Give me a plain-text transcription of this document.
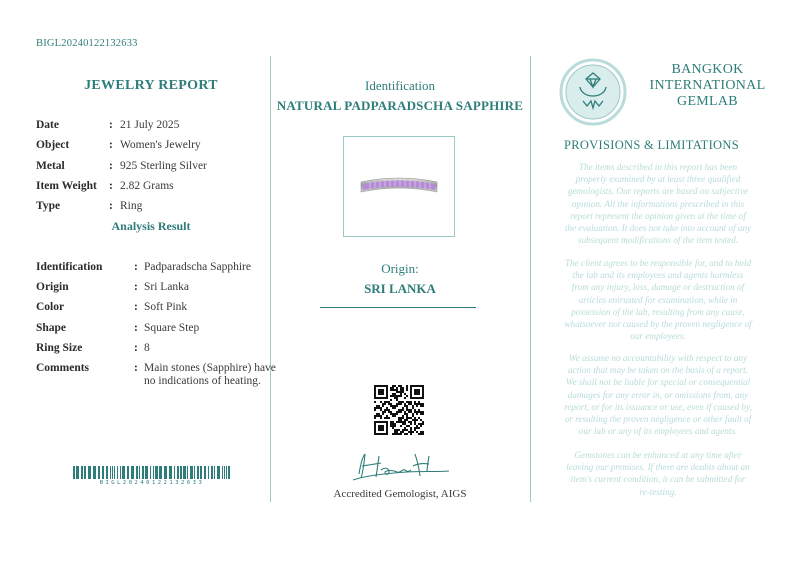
BIGL20240122132633
JEWELRY REPORT
Date	: 21 July 2025
Object	: Women's Jewelry
Metal	: 925 Sterling Silver
Item Weight	: 2.82 Grams
Type	: Ring
Analysis Result
Identification	: Padparadscha Sapphire
Origin	: Sri Lanka
Color	: Soft Pink
Shape	: Square Step
Ring Size	: 8
Comments	: Main stones (Sapphire) have
no indications of heating.
BIGL20240122132633
Identification
NATURAL PADPARADSCHA SAPPHIRE
Origin:
SRI LANKA
Accredited Gemologist, AIGS
BANGKOK
INTERNATIONAL
GEMLAB
PROVISIONS & LIMITATIONS
The items described in this report has been
properly examined by at least three qualified
gemologists. Our reports are based on subjective
opinion. All the informations prescribed in this
report represent the opinion given at the time of
the evaluation. It does not take into account of any
subsequent modifications of the item tested.
The client agrees to be responsible for, and to hold
the lab and its employees and agents harmless
from any injury, loss, damage or destruction of
articles entrusted for examination, while in
possession of the lab, resulting from any cause,
whatsoever not caused by the proven negligence of
our employees.
We assume no accountability with respect to any
action that may be taken on the basis of a report.
We shall not be liable for special or consequential
damages for any error in, or omissions from, any
report, or for its issuance or use, even if caused by,
or resulting the proven negligence or other fault of
our lab or any of its employees and agents.
Gemstones can be enhanced at any time after
leaving our premises. If there are doubts about an
item's current condition, it can be submitted for
re-testing.
